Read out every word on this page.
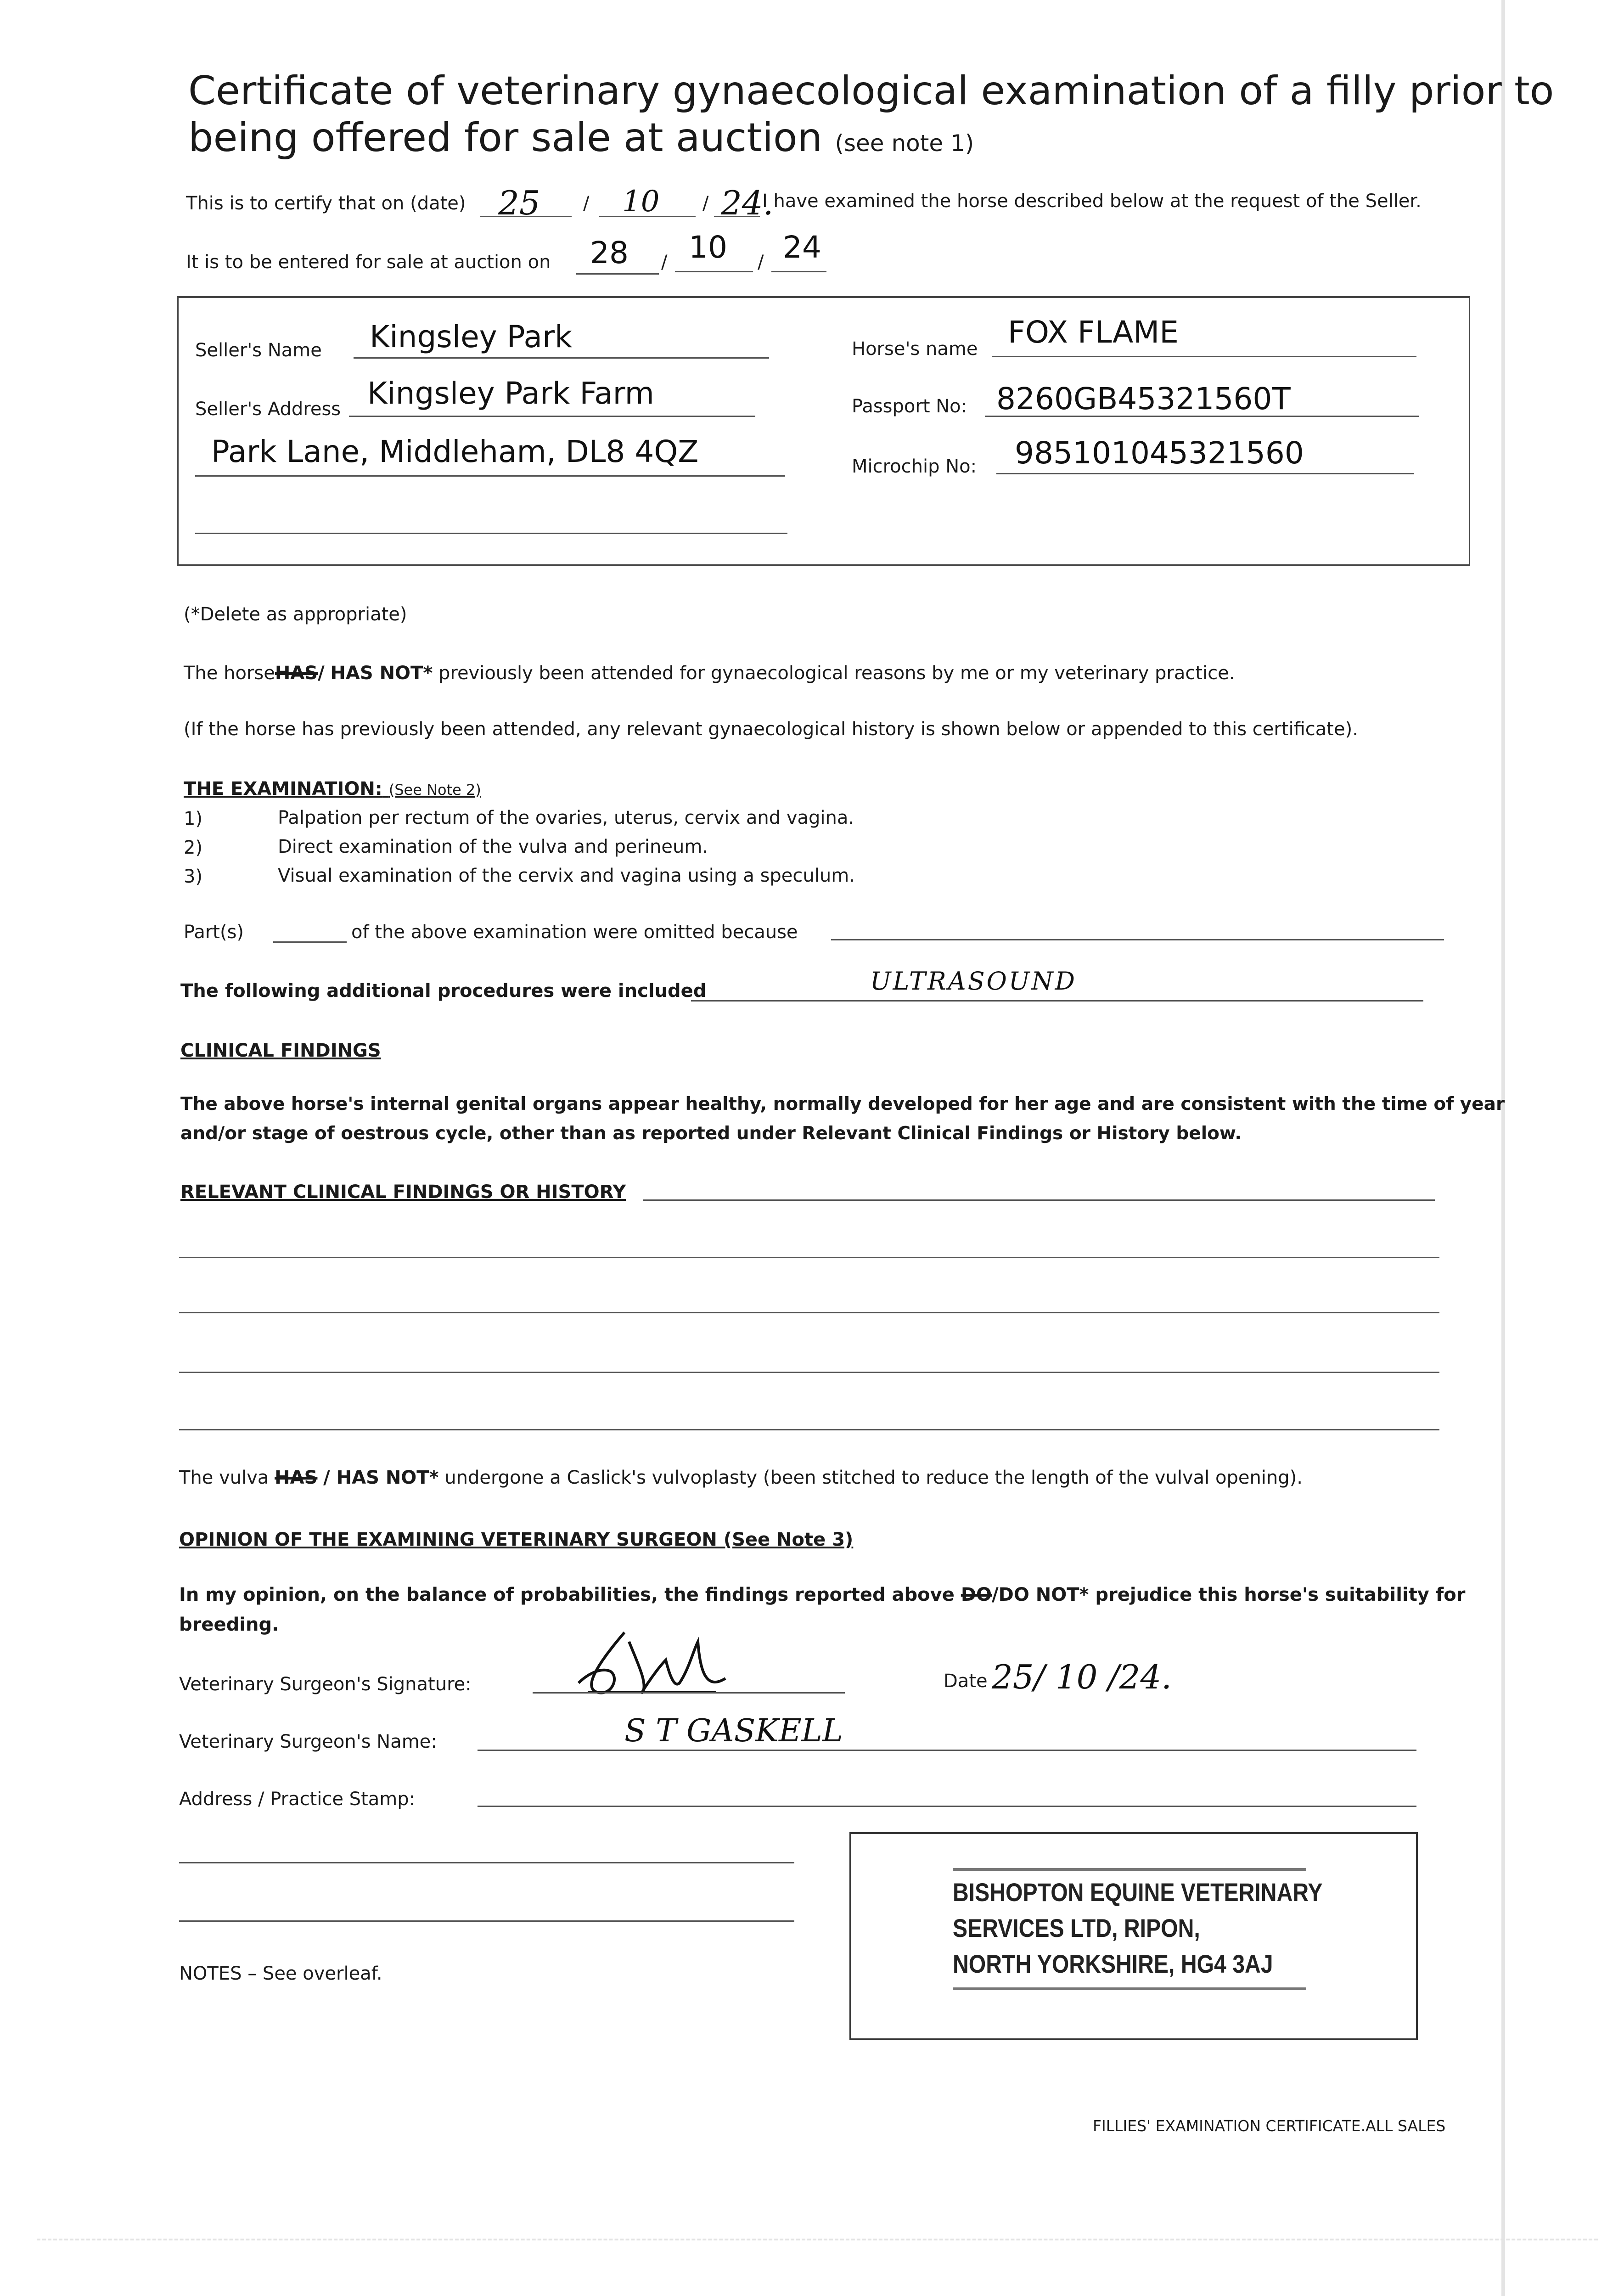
Certificate of veterinary gynaecological examination of a filly prior to
being offered for sale at auction (see note 1)
This is to certify that on (date) 25 / 10 / 24.
I have examined the horse described below at the request of the Seller.
It is to be entered for sale at auction on 28 / 10 / 24
Seller's Name Kingsley Park
Seller's Address Kingsley Park Farm
Park Lane, Middleham, DL8 4QZ
Horse's name FOX FLAME
Passport No: 8260GB45321560T
Microchip No: 985101045321560
(*Delete as appropriate)
The horseHAS/ HAS NOT* previously been attended for gynaecological reasons by me or my veterinary practice.
(If the horse has previously been attended, any relevant gynaecological history is shown below or appended to this certificate).
THE EXAMINATION: (See Note 2)
1)	Palpation per rectum of the ovaries, uterus, cervix and vagina.
2)	Direct examination of the vulva and perineum.
3)	Visual examination of the cervix and vagina using a speculum.
Part(s)	of the above examination were omitted because
The following additional procedures were included	ULTRASOUND
CLINICAL FINDINGS
The above horse's internal genital organs appear healthy, normally developed for her age and are consistent with the time of year
and/or stage of oestrous cycle, other than as reported under Relevant Clinical Findings or History below.
RELEVANT CLINICAL FINDINGS OR HISTORY
The vulva HAS / HAS NOT* undergone a Caslick's vulvoplasty (been stitched to reduce the length of the vulval opening).
OPINION OF THE EXAMINING VETERINARY SURGEON (See Note 3)
In my opinion, on the balance of probabilities, the findings reported above DO/DO NOT* prejudice this horse's suitability for
breeding.
Veterinary Surgeon's Signature:	Date 25/ 10 /24.
Veterinary Surgeon's Name:	S T GASKELL
Address / Practice Stamp:
BISHOPTON EQUINE VETERINARY
SERVICES LTD, RIPON,
NORTH YORKSHIRE, HG4 3AJ
NOTES – See overleaf.
FILLIES' EXAMINATION CERTIFICATE.ALL SALES
